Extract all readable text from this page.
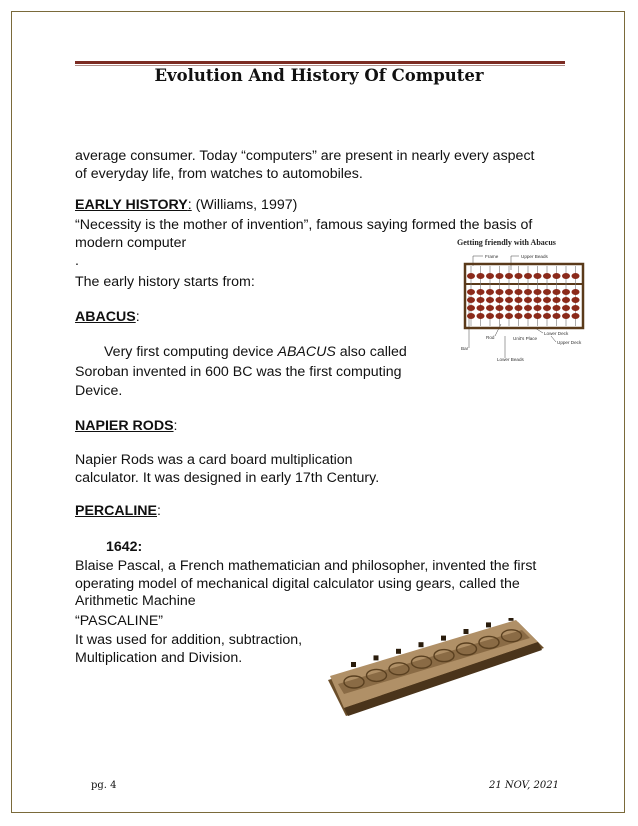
Evolution And History Of Computer
average consumer. Today “computers” are present in nearly every aspect
of everyday life, from watches to automobiles.
EARLY HISTORY: (Williams, 1997)
“Necessity is the mother of invention”, famous saying formed the basis of
modern computer
.
The early history starts from:
ABACUS:
Very first computing device ABACUS also called
Soroban invented in 600 BC was the first computing
Device.
Getting friendly with Abacus
Frame	Upper Beads
Rod	Unit's Place
Lower Deck
Upper Deck
Bar
Lower Beads
NAPIER RODS:
Napier Rods was a card board multiplication
calculator. It was designed in early 17th Century.
PERCALINE:
1642:
Blaise Pascal, a French mathematician and philosopher, invented the first
operating model of mechanical digital calculator using gears, called the
Arithmetic Machine
“PASCALINE”
It was used for addition, subtraction,
Multiplication and Division.
pg. 4	21 NOV, 2021
